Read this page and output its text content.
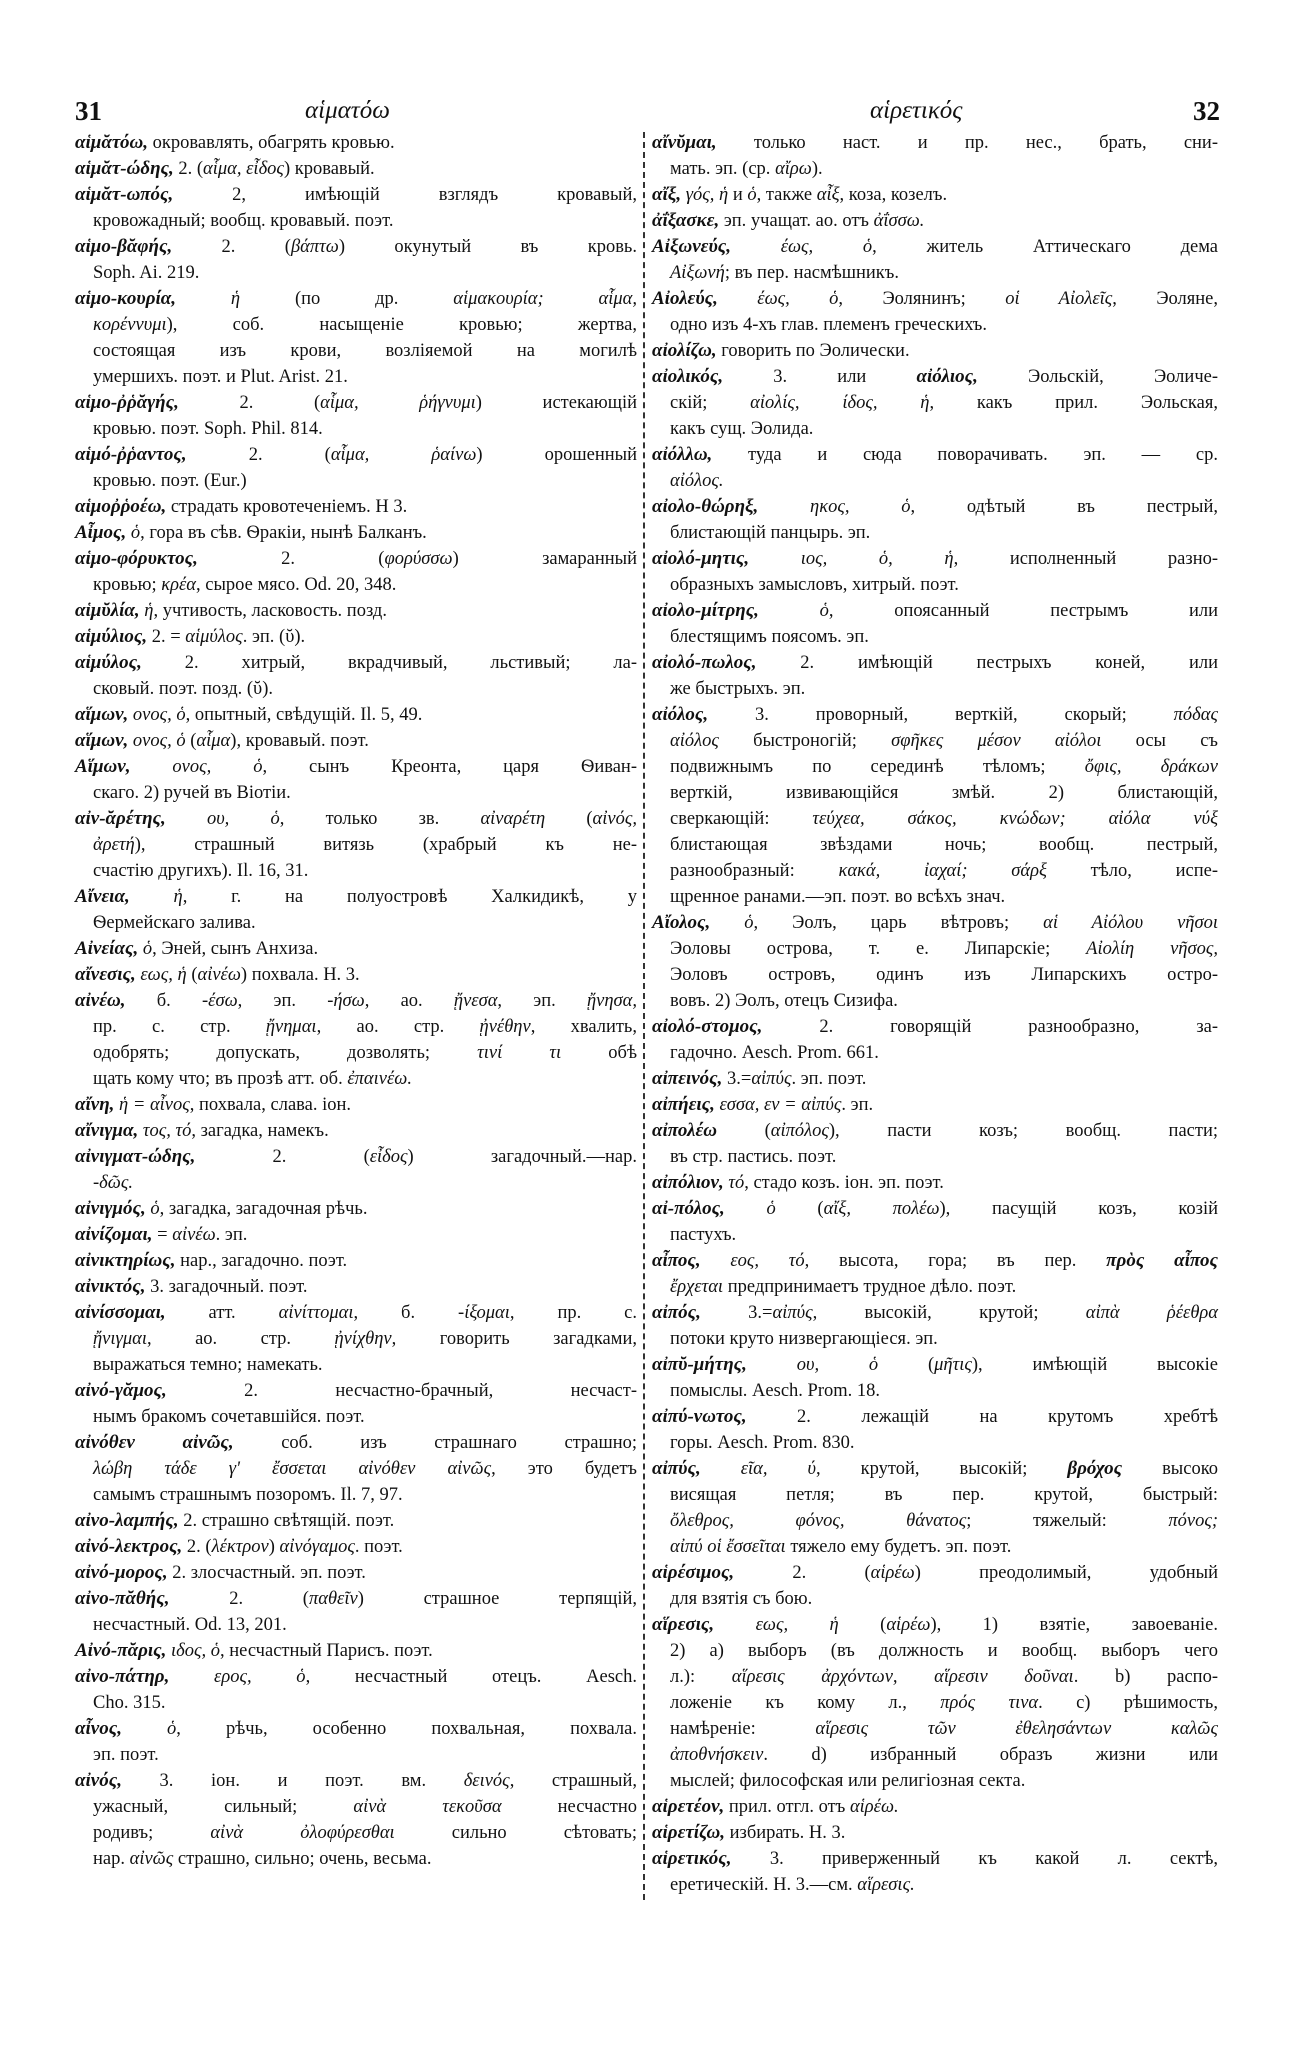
31	αἱματόω	αἱρετικός	32
αἱμᾰτόω, окровавлять, обагрять кровью.
αἱμᾰτ-ώδης, 2. (αἷμα, εἶδος) кровавый.
αἱμᾰτ-ωπός, 2, имѣющій взглядъ кровавый,
кровожадный; вообщ. кровавый. поэт.
αἱμο-βᾰφής, 2. (βάπτω) окунутый въ кровь.
Soph. Ai. 219.
αἱμο-κουρία,	ἡ (по др. αἱμακουρία; αἷμα,
κορέννυμι), соб. насыщеніе кровью; жертва,
состоящая изъ крови, возліяемой на могилѣ
умершихъ. поэт. и Plut. Arist. 21.
αἱμο-ῤῥᾰγής, 2. (αἷμα, ῥήγνυμι) истекающій
кровью. поэт. Soph. Phil. 814.
αἱμό-ῤῥαντος, 2. (αἷμα, ῥαίνω) орошенный
кровью. поэт. (Eur.)
αἱμοῤῥοέω, страдать кровотеченіемъ. Н 3.
Αἶμος, ὁ, гора въ сѣв. Ѳракіи, нынѣ Балканъ.
αἱμο-φόρυκτος, 2. (φορύσσω) замаранный
кровью; κρέα, сырое мясо. Od. 20, 348.
αἱμῠλία, ἡ, учтивость, ласковость. позд.
αἱμύλιος, 2. = αἱμύλος. эп. (ῠ).
αἱμύλος, 2. хитрый, вкрадчивый, льстивый; ла-
сковый. поэт. позд. (ῠ).
αἵμων, ονος, ὁ, опытный, свѣдущій. Il. 5, 49.
αἵμων, ονος, ὁ (αἷμα), кровавый. поэт.
Αἵμων, ονος, ὁ, сынъ Креонта, царя Ѳиван-
скаго. 2) ручей въ Віотіи.
αἰν-ᾰρέτης, ου, ὁ, только зв. αἰναρέτη (αἰνός,
ἀρετή), страшный витязь (храбрый къ не-
счастію другихъ). Il. 16, 31.
Αἴνεια, ἡ, г. на полуостровѣ Халкидикѣ, у
Ѳермейскаго залива.
Αἰνείας, ὁ, Эней, сынъ Анхиза.
αἴνεσις, εως, ἡ (αἰνέω) похвала. Н. 3.
αἰνέω, б. -έσω, эп. -ήσω, ао. ᾔνεσα, эп. ᾔνησα,
пр. с. стр. ᾔνημαι, ао. стр. ᾐνέθην, хвалить,
одобрять; допускать, дозволять; τινί τι обѣ
щать кому что; въ прозѣ атт. об. ἐπαινέω.
αἴνη, ἡ = αἶνος, похвала, слава. іон.
αἴνιγμα, τος, τό, загадка, намекъ.
αἰνιγματ-ώδης, 2. (εἶδος) загадочный.—нар.
-δῶς.
αἰνιγμός, ὁ, загадка, загадочная рѣчь.
αἰνίζομαι, = αἰνέω. эп.
αἰνικτηρίως, нар., загадочно. поэт.
αἰνικτός, 3. загадочный. поэт.
αἰνίσσομαι, атт. αἰνίττομαι, б. -ίξομαι, пр. с.
ᾔνιγμαι, ао. стр. ᾐνίχθην, говорить загадками,
выражаться темно; намекать.
αἰνό-γᾰμος, 2. несчастно-брачный, несчаст-
нымъ бракомъ сочетавшійся. поэт.
αἰνόθεν αἰνῶς, соб. изъ страшнаго страшно;
λώβη τάδε γ' ἔσσεται αἰνόθεν αἰνῶς, это будетъ
самымъ страшнымъ позоромъ. Il. 7, 97.
αἰνο-λαμπής, 2. страшно свѣтящій. поэт.
αἰνό-λεκτρος, 2. (λέκτρον) αἰνόγαμος. поэт.
αἰνό-μορος, 2. злосчастный. эп. поэт.
αἰνο-πᾰθής, 2. (παθεῖν) страшное терпящій,
несчастный. Od. 13, 201.
Αἰνό-πᾰρις, ιδος, ὁ, несчастный Парисъ. поэт.
αἰνο-πάτηρ, ερος, ὁ, несчастный отецъ. Aesch.
Cho. 315.
αἶνος, ὁ, рѣчь, особенно похвальная, похвала.
эп. поэт.
αἰνός, 3. іон. и поэт. вм. δεινός, страшный,
ужасный, сильный; αἰνὰ τεκοῦσα несчастно
родивъ; αἰνὰ ὀλοφύρεσθαι сильно сѣтовать;
нар. αἰνῶς страшно, сильно; очень, весьма.
αἴνῠμαι, только наст. и пр. нес., брать, сни-
мать. эп. (ср. αἴρω).
αἴξ, γός, ἡ и ὁ, также αἶξ, коза, козелъ.
ἀΐξασκε, эп. учащат. ао. отъ ἀΐσσω.
Αἰξωνεύς,	έως, ὁ, житель Аттическаго дема
Αἰξωνή; въ пер. насмѣшникъ.
Αἰολεύς, έως, ὁ, Эолянинъ; οἱ Αἰολεῖς, Эоляне,
одно изъ 4-хъ глав. племенъ греческихъ.
αἰολίζω, говорить по Эолически.
αἰολικός, 3. или αἰόλιος, Эольскій, Эоличе-
скій; αἰολίς, ίδος, ἡ, какъ прил. Эольская,
какъ сущ. Эолида.
αἰόλλω, туда и сюда поворачивать. эп. — ср.
αἰόλος.
αἰολο-θώρηξ,	ηκος, ὁ, одѣтый въ пестрый,
блистающій панцырь. эп.
αἰολό-μητις,	ιος, ὁ, ἡ, исполненный разно-
образныхъ замысловъ, хитрый. поэт.
αἰολο-μίτρης,	ὁ, опоясанный пестрымъ или
блестящимъ поясомъ. эп.
αἰολό-πωλος, 2. имѣющій пестрыхъ коней, или
же быстрыхъ. эп.
αἰόλος, 3. проворный, верткій, скорый; πόδας
αἰόλος быстроногій; σφῆκες μέσον αἰόλοι осы съ
подвижнымъ по серединѣ тѣломъ; ὄφις, δράκων
верткій, извивающійся змѣй. 2) блистающій,
сверкающій: τεύχεα, σάκος, κνώδων; αἰόλα νύξ
блистающая звѣздами ночь; вообщ. пестрый,
разнообразный: κακά, ἰαχαί; σάρξ тѣло, испе-
щренное ранами.—эп. поэт. во всѣхъ знач.
Αἴολος, ὁ, Эолъ, царь вѣтровъ; αἱ Αἰόλου νῆσοι
Эоловы острова, т. е. Липарскіе; Αἰολίη νῆσος,
Эоловъ островъ, одинъ изъ Липарскихъ остро-
вовъ. 2) Эолъ, отецъ Сизифа.
αἰολό-στομος, 2. говорящій разнообразно, за-
гадочно. Aesch. Prom. 661.
αἰπεινός, 3.=αἰπύς. эп. поэт.
αἰπήεις, εσσα, εν = αἰπύς. эп.
αἰπολέω (αἰπόλος), пасти козъ; вообщ. пасти;
въ стр. пастись. поэт.
αἰπόλιον, τό, стадо козъ. іон. эп. поэт.
αἰ-πόλος, ὁ (αἴξ, πολέω), пасущій козъ, козій
пастухъ.
αἶπος, εος, τό, высота, гора; въ пер. πρὸς αἶπος
ἔρχεται предпринимаетъ трудное дѣло. поэт.
αἰπός, 3.=αἰπύς, высокій, крутой; αἰπὰ ῥέεθρα
потоки круто низвергающіеся. эп.
αἰπῠ-μήτης,	ου, ὁ (μῆτις), имѣющій высокіе
помыслы. Aesch. Prom. 18.
αἰπύ-νωτος, 2. лежащій на крутомъ хребтѣ
горы. Aesch. Prom. 830.
αἰπύς, εῖα, ύ, крутой, высокій; βρόχος высоко
висящая петля; въ пер. крутой, быстрый:
ὄλεθρος, φόνος, θάνατος; тяжелый: πόνος;
αἰπύ οἱ ἔσσεῖται тяжело ему будетъ. эп. поэт.
αἱρέσιμος, 2. (αἱρέω) преодолимый, удобный
для взятія съ бою.
αἵρεσις, εως, ἡ (αἱρέω), 1) взятіе, завоеваніе.
2) a) выборъ (въ должность и вообщ. выборъ чего
л.): αἵρεσις ἀρχόντων, αἵρεσιν δοῦναι. b) распо-
ложеніе къ кому л., πρός τινα. c) рѣшимость,
намѣреніе: αἵρεσις τῶν ἐθελησάντων καλῶς
ἀποθνήσκειν. d) избранный образъ жизни или
мыслей; философская или религіозная секта.
αἱρετέον, прил. отгл. отъ αἱρέω.
αἱρετίζω, избирать. Н. 3.
αἱρετικός, 3. приверженный къ какой л. сектѣ,
еретическій. Н. 3.—см. αἵρεσις.
